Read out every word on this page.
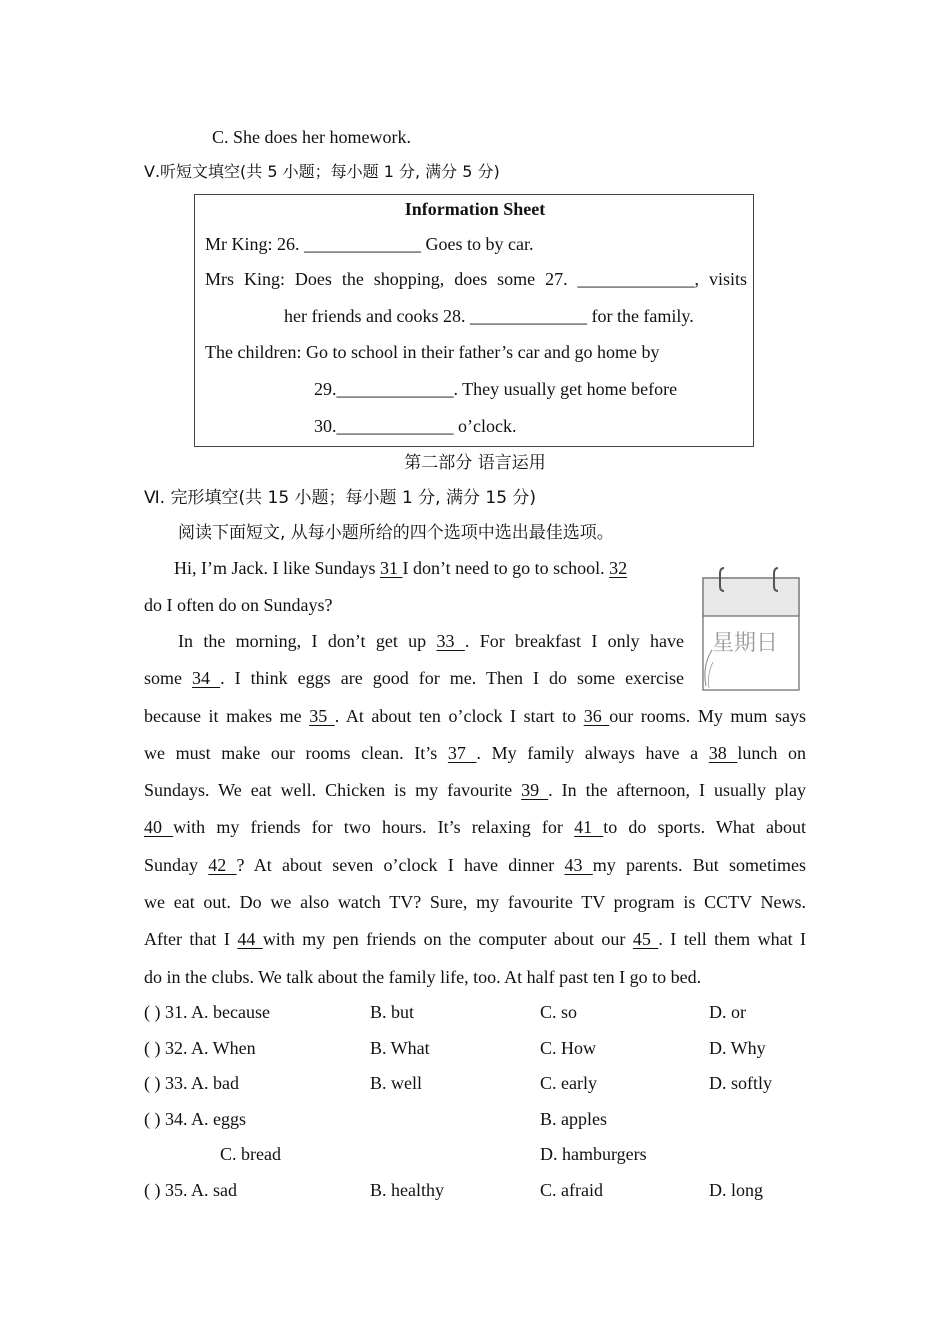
C. She does her homework.
Ⅴ.听短文填空(共 5 小题；每小题 1 分, 满分 5 分)
Information Sheet
Mr King: 26. _____________ Goes to by car.
Mrs King: Does the shopping, does some 27. _____________, visits
her friends and cooks 28. _____________ for the family.
The children: Go to school in their father’s car and go home by
29._____________. They usually get home before
30._____________ o’clock.
第二部分 语言运用
Ⅵ. 完形填空(共 15 小题；每小题 1 分, 满分 15 分)
阅读下面短文, 从每小题所给的四个选项中选出最佳选项。
星期日
Hi, I’m Jack. I like Sundays 31 I don’t need to go to school. 32
do I often do on Sundays?
In the morning, I don’t get up 33 . For breakfast I only have
some 34 . I think eggs are good for me. Then I do some exercise
because it makes me 35 . At about ten o’clock I start to 36 our rooms. My mum says
we must make our rooms clean. It’s 37 . My family always have a 38 lunch on
Sundays. We eat well. Chicken is my favourite 39 . In the afternoon, I usually play
40 with my friends for two hours. It’s relaxing for 41 to do sports. What about
Sunday 42 ? At about seven o’clock I have dinner 43 my parents. But sometimes
we eat out. Do we also watch TV? Sure, my favourite TV program is CCTV News.
After that I 44 with my pen friends on the computer about our 45 . I tell them what I
do in the clubs. We talk about the family life, too. At half past ten I go to bed.
( ) 31. A. because	B. but	C. so	D. or
( ) 32. A. When	B. What	C. How	D. Why
( ) 33. A. bad	B. well	C. early	D. softly
( ) 34. A. eggs	B. apples
C. bread	D. hamburgers
( ) 35. A. sad	B. healthy	C. afraid	D. long
